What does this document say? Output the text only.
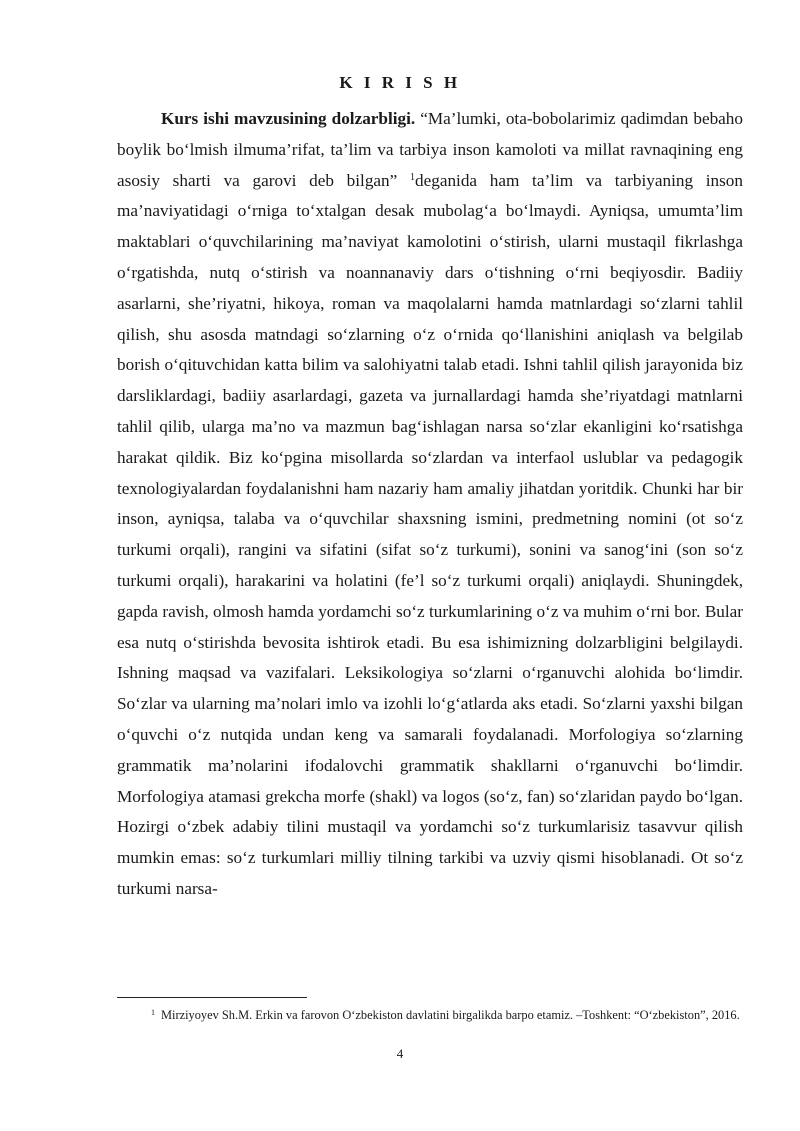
K I R I S H

Kurs ishi mavzusining dolzarbligi. “Ma’lumki, ota-bobolarimiz qadimdan bebaho boylik bo‘lmish ilmuma’rifat, ta’lim va tarbiya inson kamoloti va millat ravnaqining eng asosiy sharti va garovi deb bilgan” $^1$deganida ham ta’lim va tarbiyaning inson ma’naviyatidagi o‘rniga to‘xtalgan desak mubolag‘a bo‘lmaydi. Ayniqsa, umumta’lim maktablari o‘quvchilarining ma’naviyat kamolotini o‘stirish, ularni mustaqil fikrlashga o‘rgatishda, nutq o‘stirish va noannanaviy dars o‘tishning o‘rni beqiyosdir. Badiiy asarlarni, she’riyatni, hikoya, roman va maqolalarni hamda matnlardagi so‘zlarni tahlil qilish, shu asosda matndagi so‘zlarning o‘z o‘rnida qo‘llanishini aniqlash va belgilab borish o‘qituvchidan katta bilim va salohiyatni talab etadi. Ishni tahlil qilish jarayonida biz darsliklardagi, badiiy asarlardagi, gazeta va jurnallardagi hamda she’riyatdagi matnlarni tahlil qilib, ularga ma’no va mazmun bag‘ishlagan narsa so‘zlar ekanligini ko‘rsatishga harakat qildik. Biz ko‘pgina misollarda so‘zlardan va interfaol uslublar va pedagogik texnologiyalardan foydalanishni ham nazariy ham amaliy jihatdan yoritdik. Chunki har bir inson, ayniqsa, talaba va o‘quvchilar shaxsning ismini, predmetning nomini (ot so‘z turkumi orqali), rangini va sifatini (sifat so‘z turkumi), sonini va sanog‘ini (son so‘z turkumi orqali), harakarini va holatini (fe’l so‘z turkumi orqali) aniqlaydi. Shuningdek, gapda ravish, olmosh hamda yordamchi so‘z turkumlarining o‘z va muhim o‘rni bor. Bular esa nutq o‘stirishda bevosita ishtirok etadi. Bu esa ishimizning dolzarbligini belgilaydi. Ishning maqsad va vazifalari. Leksikologiya so‘zlarni o‘rganuvchi alohida bo‘limdir. So‘zlar va ularning ma’nolari imlo va izohli lo‘g‘atlarda aks etadi. So‘zlarni yaxshi bilgan o‘quvchi o‘z nutqida undan keng va samarali foydalanadi. Morfologiya so‘zlarning grammatik ma’nolarini ifodalovchi grammatik shakllarni o‘rganuvchi bo‘limdir. Morfologiya atamasi grekcha morfe (shakl) va logos (so‘z, fan) so‘zlaridan paydo bo‘lgan. Hozirgi o‘zbek adabiy tilini mustaqil va yordamchi so‘z turkumlarisiz tasavvur qilish mumkin emas: so‘z turkumlari milliy tilning tarkibi va uzviy qismi hisoblanadi. Ot so‘z turkumi narsa-

$^1$ Mirziyoyev Sh.M. Erkin va farovon O‘zbekiston davlatini birgalikda barpo etamiz. –Toshkent: “O‘zbekiston”, 2016.

4
